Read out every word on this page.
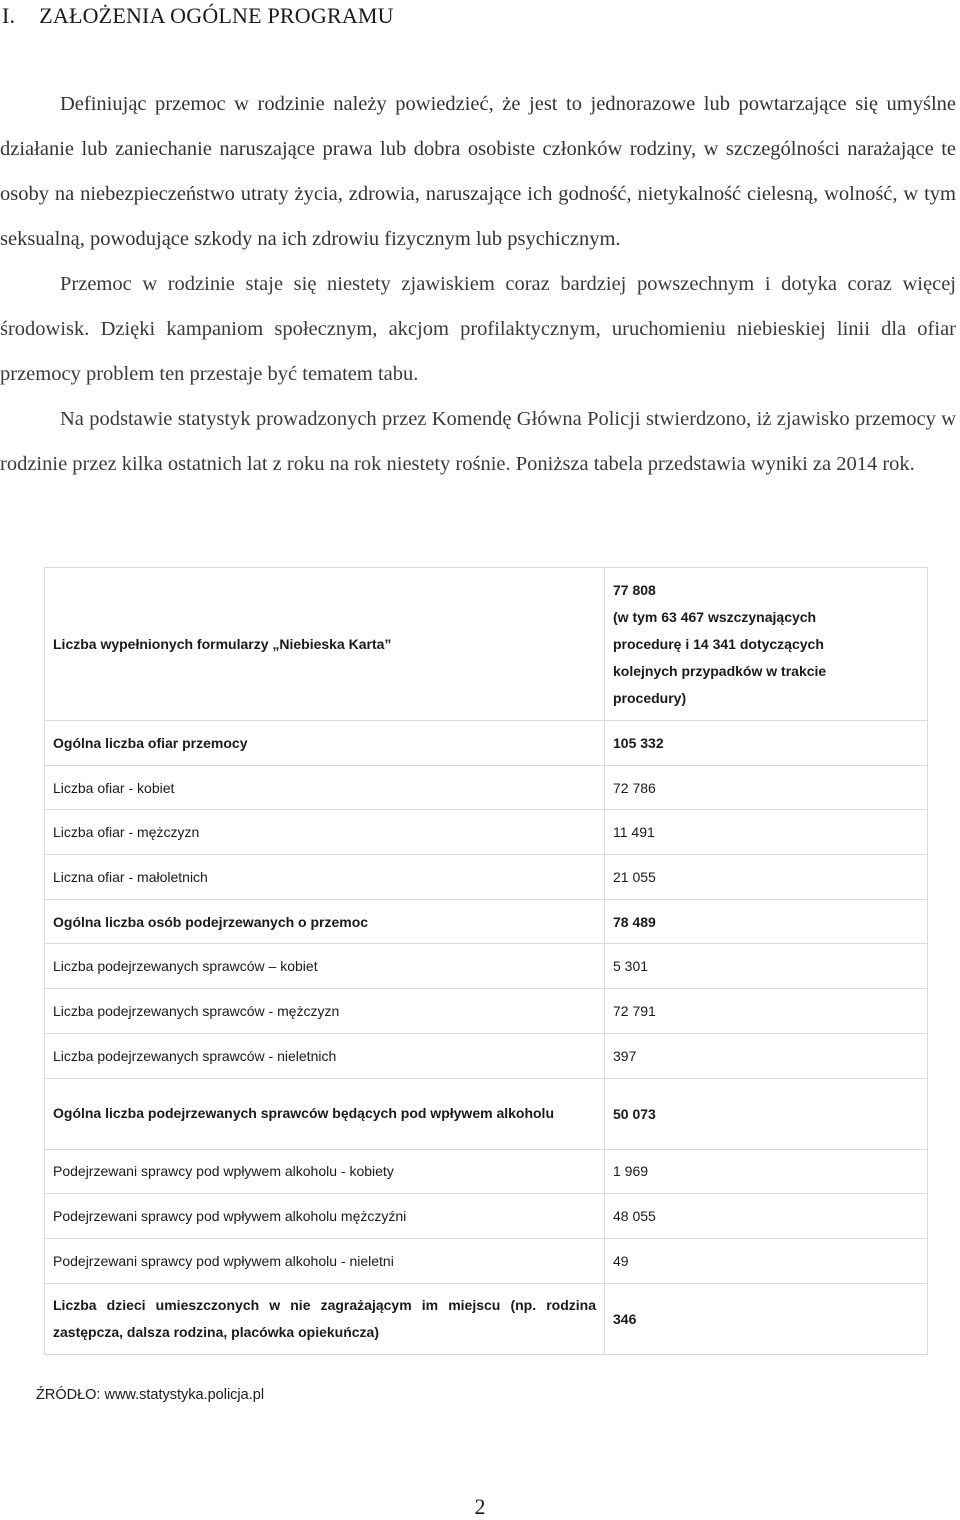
I. ZAŁOŻENIA OGÓLNE PROGRAMU

Definiując przemoc w rodzinie należy powiedzieć, że jest to jednorazowe lub powtarzające się umyślne działanie lub zaniechanie naruszające prawa lub dobra osobiste członków rodziny, w szczególności narażające te osoby na niebezpieczeństwo utraty życia, zdrowia, naruszające ich godność, nietykalność cielesną, wolność, w tym seksualną, powodujące szkody na ich zdrowiu fizycznym lub psychicznym.

Przemoc w rodzinie staje się niestety zjawiskiem coraz bardziej powszechnym i dotyka coraz więcej środowisk. Dzięki kampaniom społecznym, akcjom profilaktycznym, uruchomieniu niebieskiej linii dla ofiar przemocy problem ten przestaje być tematem tabu.

Na podstawie statystyk prowadzonych przez Komendę Główna Policji stwierdzono, iż zjawisko przemocy w rodzinie przez kilka ostatnich lat z roku na rok niestety rośnie. Poniższa tabela przedstawia wyniki za 2014 rok.

Liczba wypełnionych formularzy „Niebieska Karta”	77 808
(w tym 63 467 wszczynających
procedurę i 14 341 dotyczących
kolejnych przypadków w trakcie
procedury)

Ogólna liczba ofiar przemocy	105 332
Liczba ofiar - kobiet	72 786
Liczba ofiar - mężczyzn	11 491
Liczna ofiar - małoletnich	21 055
Ogólna liczba osób podejrzewanych o przemoc	78 489
Liczba podejrzewanych sprawców – kobiet	5 301
Liczba podejrzewanych sprawców - mężczyzn	72 791
Liczba podejrzewanych sprawców - nieletnich	397
Ogólna liczba podejrzewanych sprawców będących pod wpływem alkoholu	50 073
Podejrzewani sprawcy pod wpływem alkoholu - kobiety	1 969
Podejrzewani sprawcy pod wpływem alkoholu mężczyźni	48 055
Podejrzewani sprawcy pod wpływem alkoholu - nieletni	49
Liczba dzieci umieszczonych w nie zagrażającym im miejscu (np. rodzina zastępcza, dalsza rodzina, placówka opiekuńcza)	346
ŹRÓDŁO: www.statystyka.policja.pl
2
